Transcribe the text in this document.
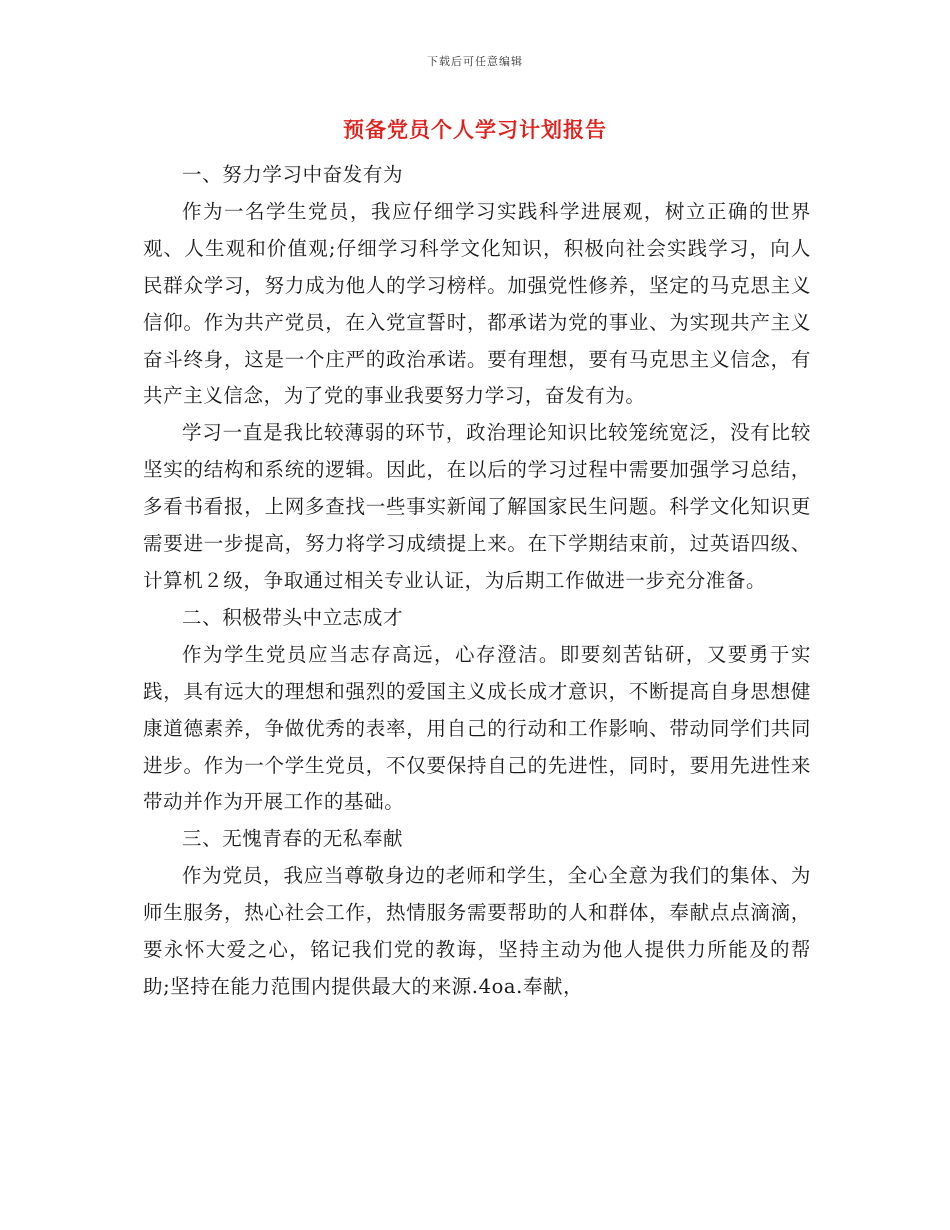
下载后可任意编辑
预备党员个人学习计划报告

一、努力学习中奋发有为

作为一名学生党员，我应仔细学习实践科学进展观，树立正确的世界观、人生观和价值观;仔细学习科学文化知识，积极向社会实践学习，向人民群众学习，努力成为他人的学习榜样。加强党性修养，坚定的马克思主义信仰。作为共产党员，在入党宣誓时，都承诺为党的事业、为实现共产主义奋斗终身，这是一个庄严的政治承诺。要有理想，要有马克思主义信念，有共产主义信念，为了党的事业我要努力学习，奋发有为。

学习一直是我比较薄弱的环节，政治理论知识比较笼统宽泛，没有比较坚实的结构和系统的逻辑。因此，在以后的学习过程中需要加强学习总结，多看书看报，上网多查找一些事实新闻了解国家民生问题。科学文化知识更需要进一步提高，努力将学习成绩提上来。在下学期结束前，过英语四级、计算机２级，争取通过相关专业认证，为后期工作做进一步充分准备。

二、积极带头中立志成才

作为学生党员应当志存高远，心存澄洁。即要刻苦钻研，又要勇于实践，具有远大的理想和强烈的爱国主义成长成才意识，不断提高自身思想健康道德素养，争做优秀的表率，用自己的行动和工作影响、带动同学们共同进步。作为一个学生党员，不仅要保持自己的先进性，同时，要用先进性来带动并作为开展工作的基础。

三、无愧青春的无私奉献

作为党员，我应当尊敬身边的老师和学生，全心全意为我们的集体、为师生服务，热心社会工作，热情服务需要帮助的人和群体，奉献点点滴滴，要永怀大爱之心，铭记我们党的教诲，坚持主动为他人提供力所能及的帮助;坚持在能力范围内提供最大的来源.4oa.奉献，
